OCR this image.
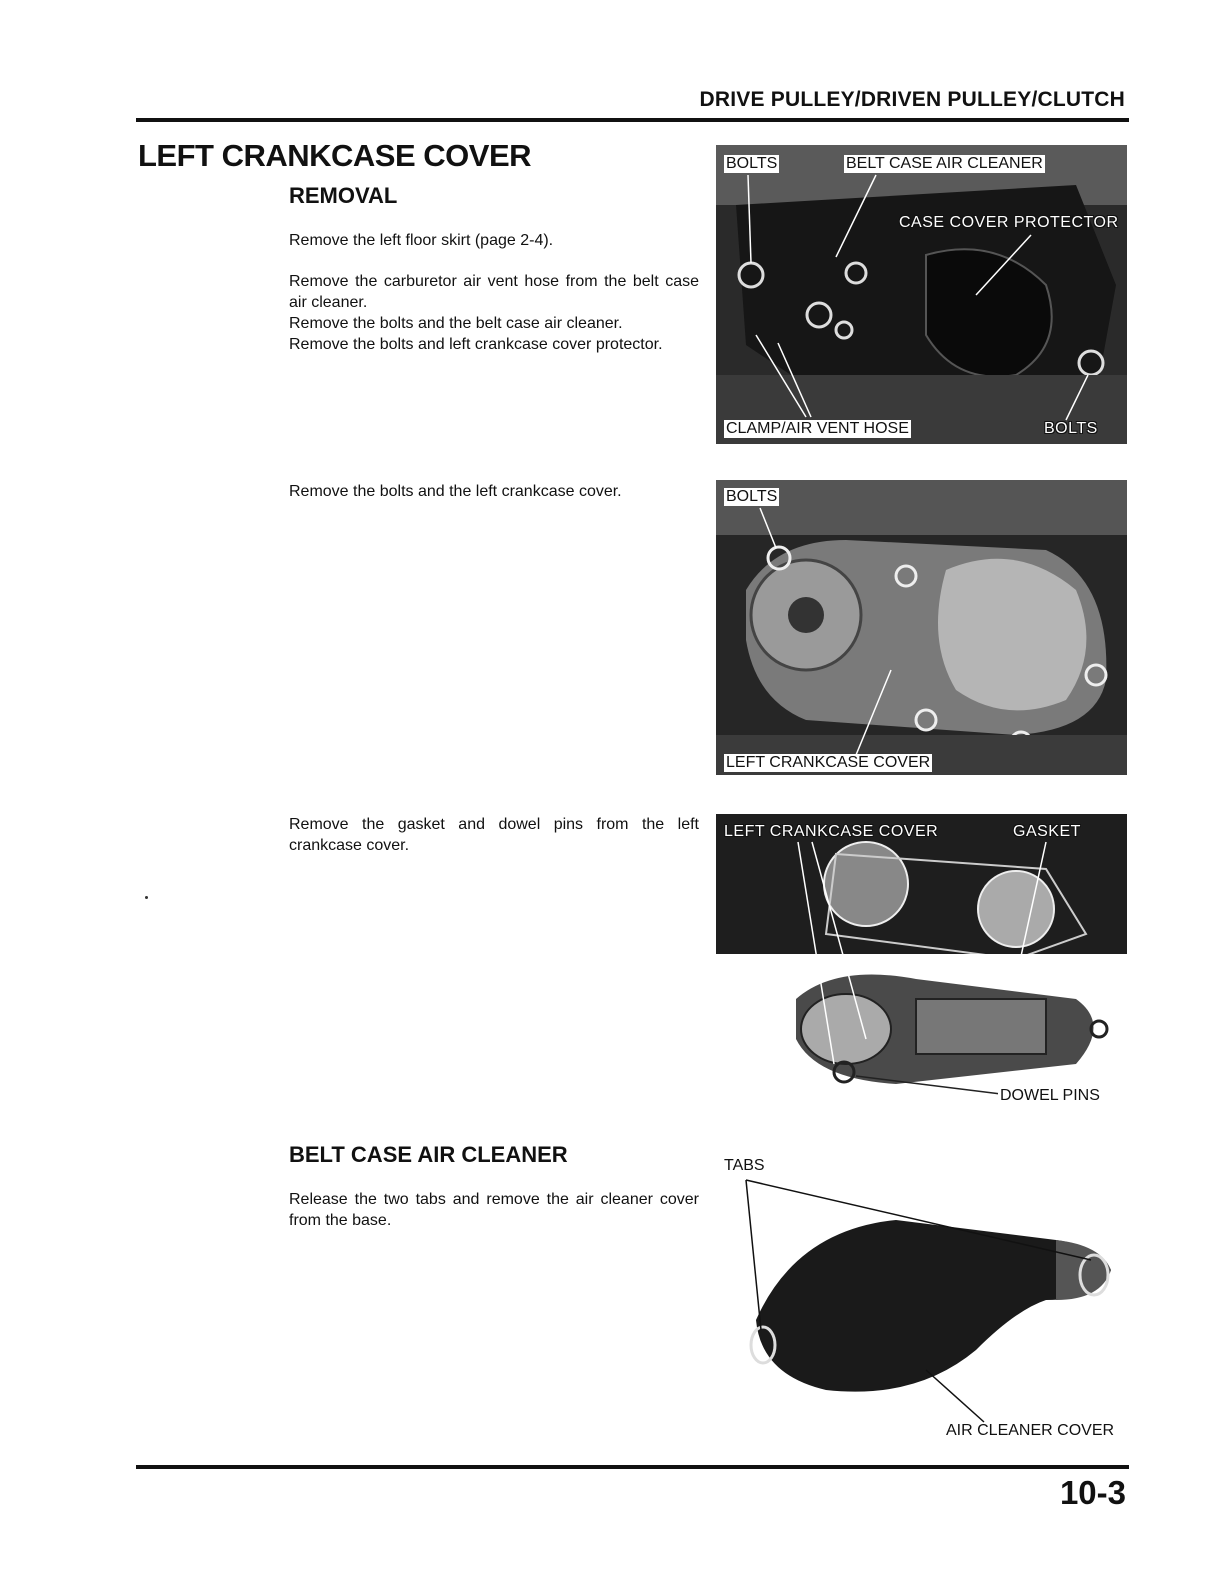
DRIVE PULLEY/DRIVEN PULLEY/CLUTCH
LEFT CRANKCASE COVER
REMOVAL

Remove the left floor skirt (page 2-4).

Remove the carburetor air vent hose from the belt case air cleaner.

Remove the bolts and the belt case air cleaner.

Remove the bolts and left crankcase cover protector.

Remove the bolts and the left crankcase cover.

Remove the gasket and dowel pins from the left crankcase cover.

BELT CASE AIR CLEANER

Release the two tabs and remove the air cleaner cover from the base.

BOLTS	BELT CASE AIR CLEANER
CASE COVER PROTECTOR
CLAMP/AIR VENT HOSE	BOLTS
BOLTS
LEFT CRANKCASE COVER
LEFT CRANKCASE COVER	GASKET
DOWEL PINS
TABS
AIR CLEANER COVER
10-3
